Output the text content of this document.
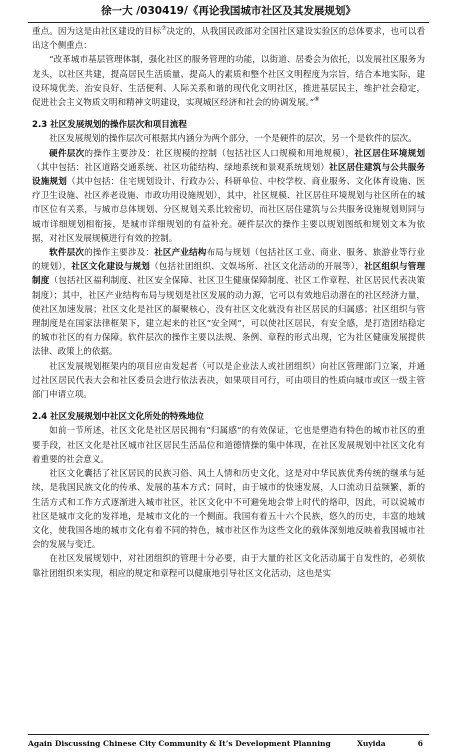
徐一大 /030419/《再论我国城市社区及其发展规划》

重点。因为这是由社区建设的目标⑦决定的，从我国民政部对全国社区建设实验区的总体要求，也可以看出这个侧重点：

“改革城市基层管理体制，强化社区的服务管理的功能，以街道、居委会为依托，以发展社区服务为龙头，以社区共建，提高居民生活质量、提高人的素质和整个社区文明程度为宗旨，结合本地实际，建设环境优美、治安良好、生活便利、人际关系和谐的现代化文明社区，推进基层民主，维护社会稳定，促进社会主义物质文明和精神文明建设，实现城区经济和社会的协调发展。”⑧

2.3 社区发展规划的操作层次和项目流程

社区发展规划的操作层次可根据其内涵分为两个部分，一个是硬件的层次，另一个是软件的层次。

硬件层次的操作主要涉及：社区规模的控制（包括社区人口规模和用地规模），社区居住环境规划（其中包括：社区道路交通系统、社区功能结构、绿地系统和景观系统规划）社区居住建筑与公共服务设施规划（其中包括：住宅规划设计、行政办公、科研单位、中校学校、商业服务、文化体育设施、医疗卫生设施、社区养老设施、市政功用设施规划），其中，社区规模、社区居住环境规划与社区所在的城市区位有关系，与城市总体规划、分区规划关系比较密切，而社区居住建筑与公共服务设施规划则同与城市详细规划相衔接，是城市详细规划的有益补充。硬件层次的操作主要以规划图纸和规划文本为依据，对社区发展规模进行有效的控制。

软件层次的操作主要涉及：社区产业结构布局与规划（包括社区工业、商业、服务、旅游业等行业的规划），社区文化建设与规划（包括社团组织、文娱场所、社区文化活动的开展等），社区组织与管理制度（包括社区福利制度、社区安全保障、社区卫生健康保障制度、社区工作章程、社区居民代表决策制度）；其中，社区产业结构布局与规划是社区发展的动力源，它可以有效地启动潜在的社区经济力量，使社区加速发展；社区文化是社区的凝聚核心，没有社区文化就没有社区居民的归属感；社区组织与管理制度是在国家法律框架下，建立起来的社区“安全网”，可以使社区居民，有安全感，是打造团结稳定的城市社区的有力保障。软件层次的操作主要以法规、条例、章程的形式出现，它为社区健康发展提供法律、政策上的依据。

社区发展规划框架内的项目应由发起者（可以是企业法人或社团组织）向社区管理部门立案，并通过社区居民代表大会和社区委员会进行依法表决，如果项目可行，可由项目的性质向城市或区一级主管部门申请立项。

2.4 社区发展规划中社区文化所处的特殊地位

如前一节所述，社区文化是社区居民拥有“归属感”的有效保证，它也是塑造有特色的城市社区的重要手段，社区文化是社区城市社区居民生活品位和道德情操的集中体现，在社区发展规划中社区文化有着重要的社会意义。

社区文化囊括了社区居民的民族习俗、风土人情和历史文化，这是对中华民族优秀传统的继承与延续，是我国民族文化的传承、发展的基本方式；同时，由于城市的快速发展，人口流动日益频繁，新的生活方式和工作方式逐渐进入城市社区，社区文化中不可避免地会带上时代的烙印，因此，可以说城市社区是城市文化的发祥地，是城市文化的一个侧面。我国有着五十六个民族，悠久的历史，丰富的地域文化，使我国各地的城市文化有着不同的特色，城市社区作为这些文化的载体深刻地反映着我国城市社会的发展与变迁。

在社区发展规划中，对社团组织的管理十分必要，由于大量的社区文化活动属于自发性的，必须依靠社团组织来实现，相应的规定和章程可以健康地引导社区文化活动，这也是实

Again Discussing Chinese City Community & It’s Development Planning	Xuyida	6
